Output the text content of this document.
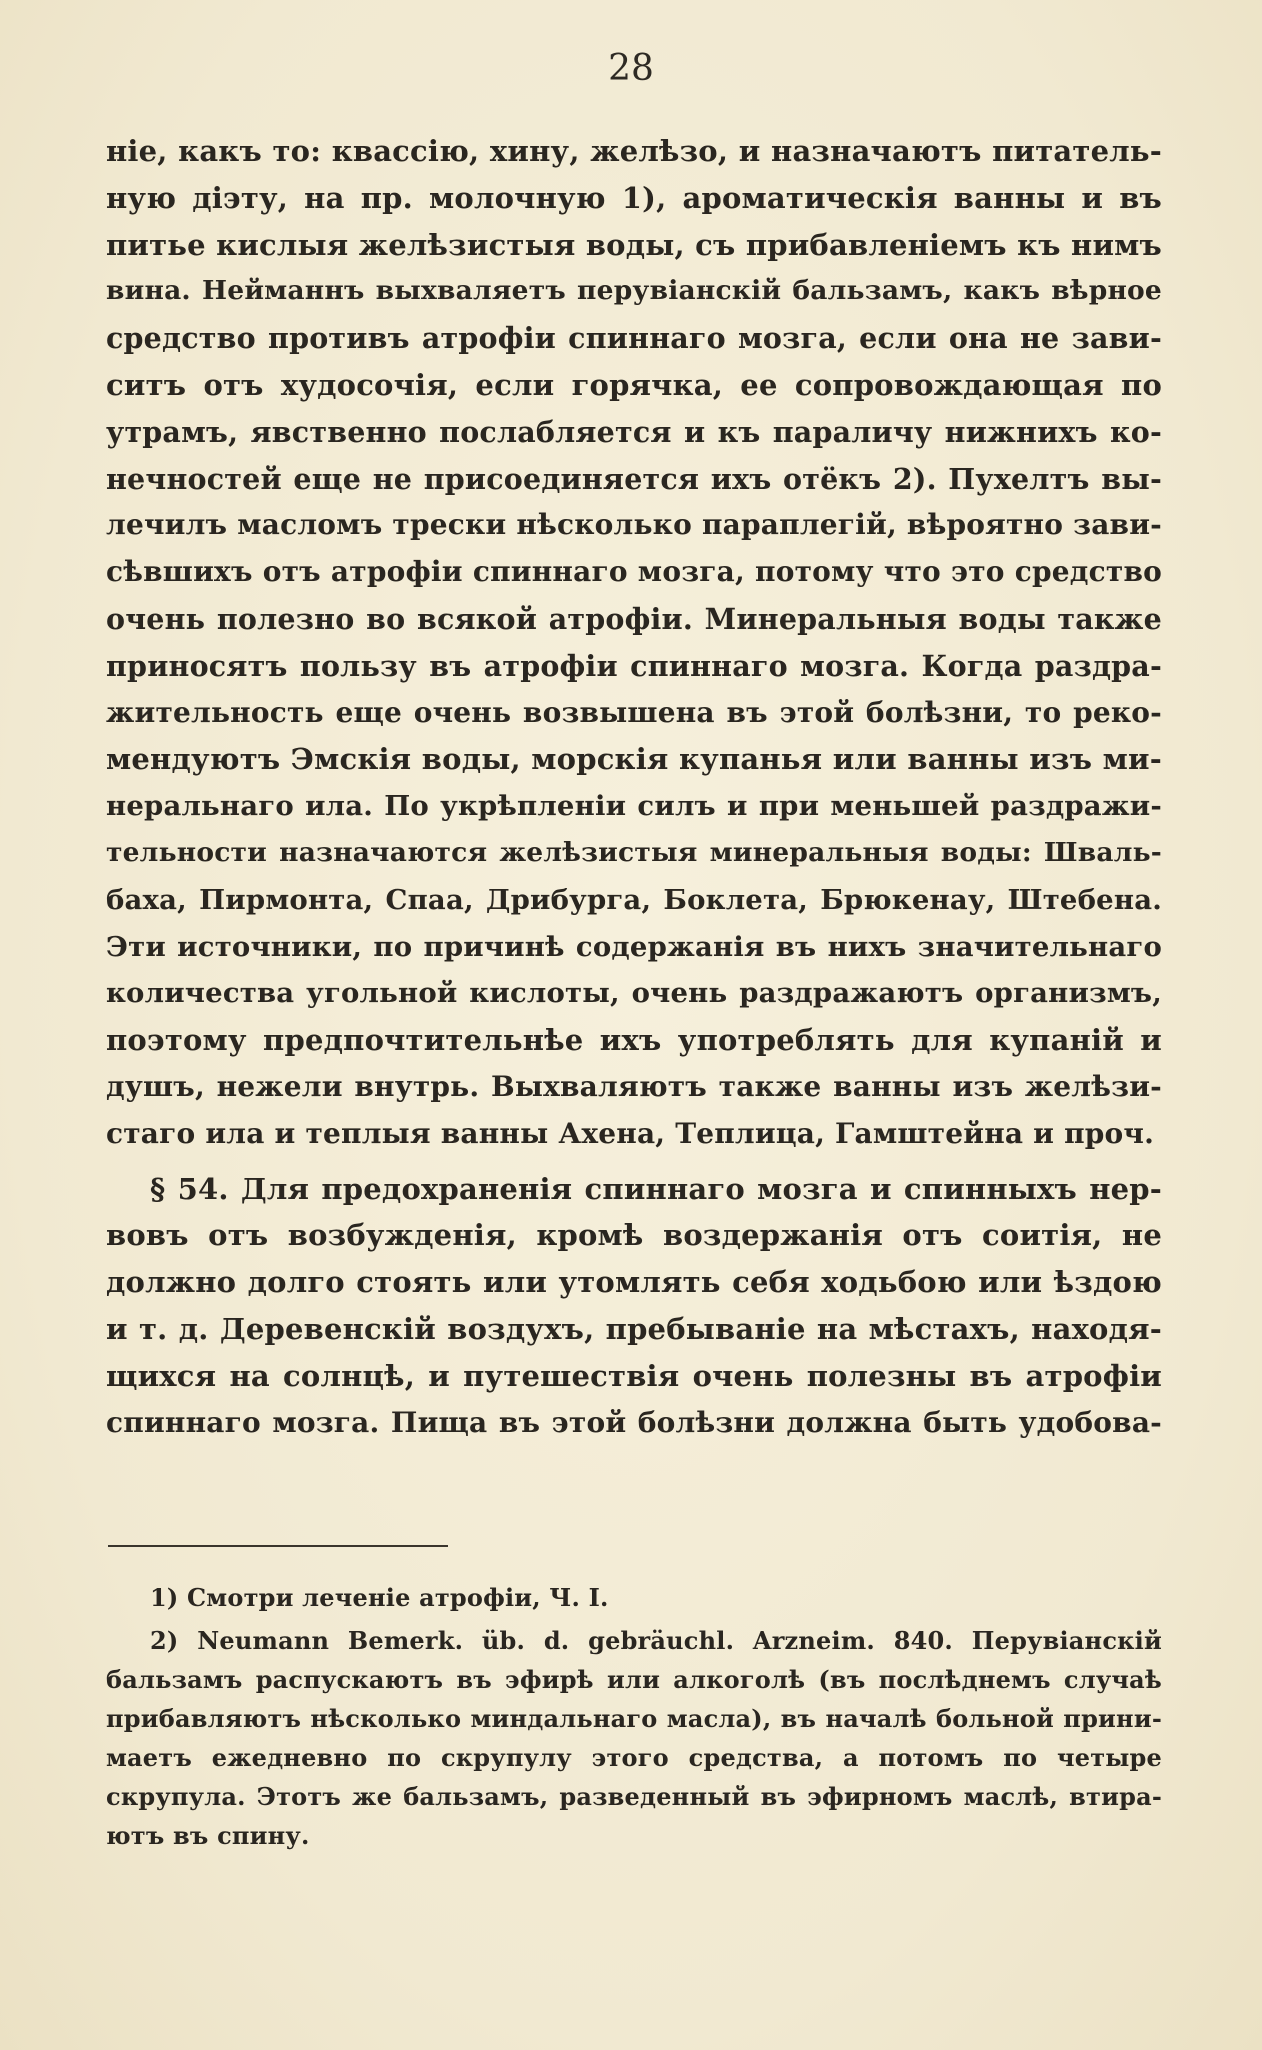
28
ніе, какъ то: квассію, хину, желѣзо, и назначаютъ питатель-
ную діэту, на пр. молочную 1), ароматическія ванны и въ
питье кислыя желѣзистыя воды, съ прибавленіемъ къ нимъ
вина. Нейманнъ выхваляетъ перувіанскій бальзамъ, какъ вѣрное
средство противъ атрофіи спиннаго мозга, если она не зави-
ситъ отъ худосочія, если горячка, ее сопровождающая по
утрамъ, явственно послабляется и къ параличу нижнихъ ко-
нечностей еще не присоединяется ихъ отёкъ 2). Пухелтъ вы-
лечилъ масломъ трески нѣсколько параплегій, вѣроятно зави-
сѣвшихъ отъ атрофіи спиннаго мозга, потому что это средство
очень полезно во всякой атрофіи. Минеральныя воды также
приносятъ пользу въ атрофіи спиннаго мозга. Когда раздра-
жительность еще очень возвышена въ этой болѣзни, то реко-
мендуютъ Эмскія воды, морскія купанья или ванны изъ ми-
неральнаго ила. По укрѣпленіи силъ и при меньшей раздражи-
тельности назначаются желѣзистыя минеральныя воды: Шваль-
баха, Пирмонта, Спаа, Дрибурга, Боклета, Брюкенау, Штебена.
Эти источники, по причинѣ содержанія въ нихъ значительнаго
количества угольной кислоты, очень раздражаютъ организмъ,
поэтому предпочтительнѣе ихъ употреблять для купаній и
душъ, нежели внутрь. Выхваляютъ также ванны изъ желѣзи-
стаго ила и теплыя ванны Ахена, Теплица, Гамштейна и проч.
§ 54. Для предохраненія спиннаго мозга и спинныхъ нер-
вовъ отъ возбужденія, кромѣ воздержанія отъ соитія, не
должно долго стоять или утомлять себя ходьбою или ѣздою
и т. д. Деревенскій воздухъ, пребываніе на мѣстахъ, находя-
щихся на солнцѣ, и путешествія очень полезны въ атрофіи
спиннаго мозга. Пища въ этой болѣзни должна быть удобова-
1) Смотри леченіе атрофіи, Ч. I.
2) Neumann Bemerk. üb. d. gebräuchl. Arzneim. 840. Перувіанскій
бальзамъ распускаютъ въ эфирѣ или алкоголѣ (въ послѣднемъ случаѣ
прибавляютъ нѣсколько миндальнаго масла), въ началѣ больной прини-
маетъ ежедневно по скрупулу этого средства, а потомъ по четыре
скрупула. Этотъ же бальзамъ, разведенный въ эфирномъ маслѣ, втира-
ютъ въ спину.
